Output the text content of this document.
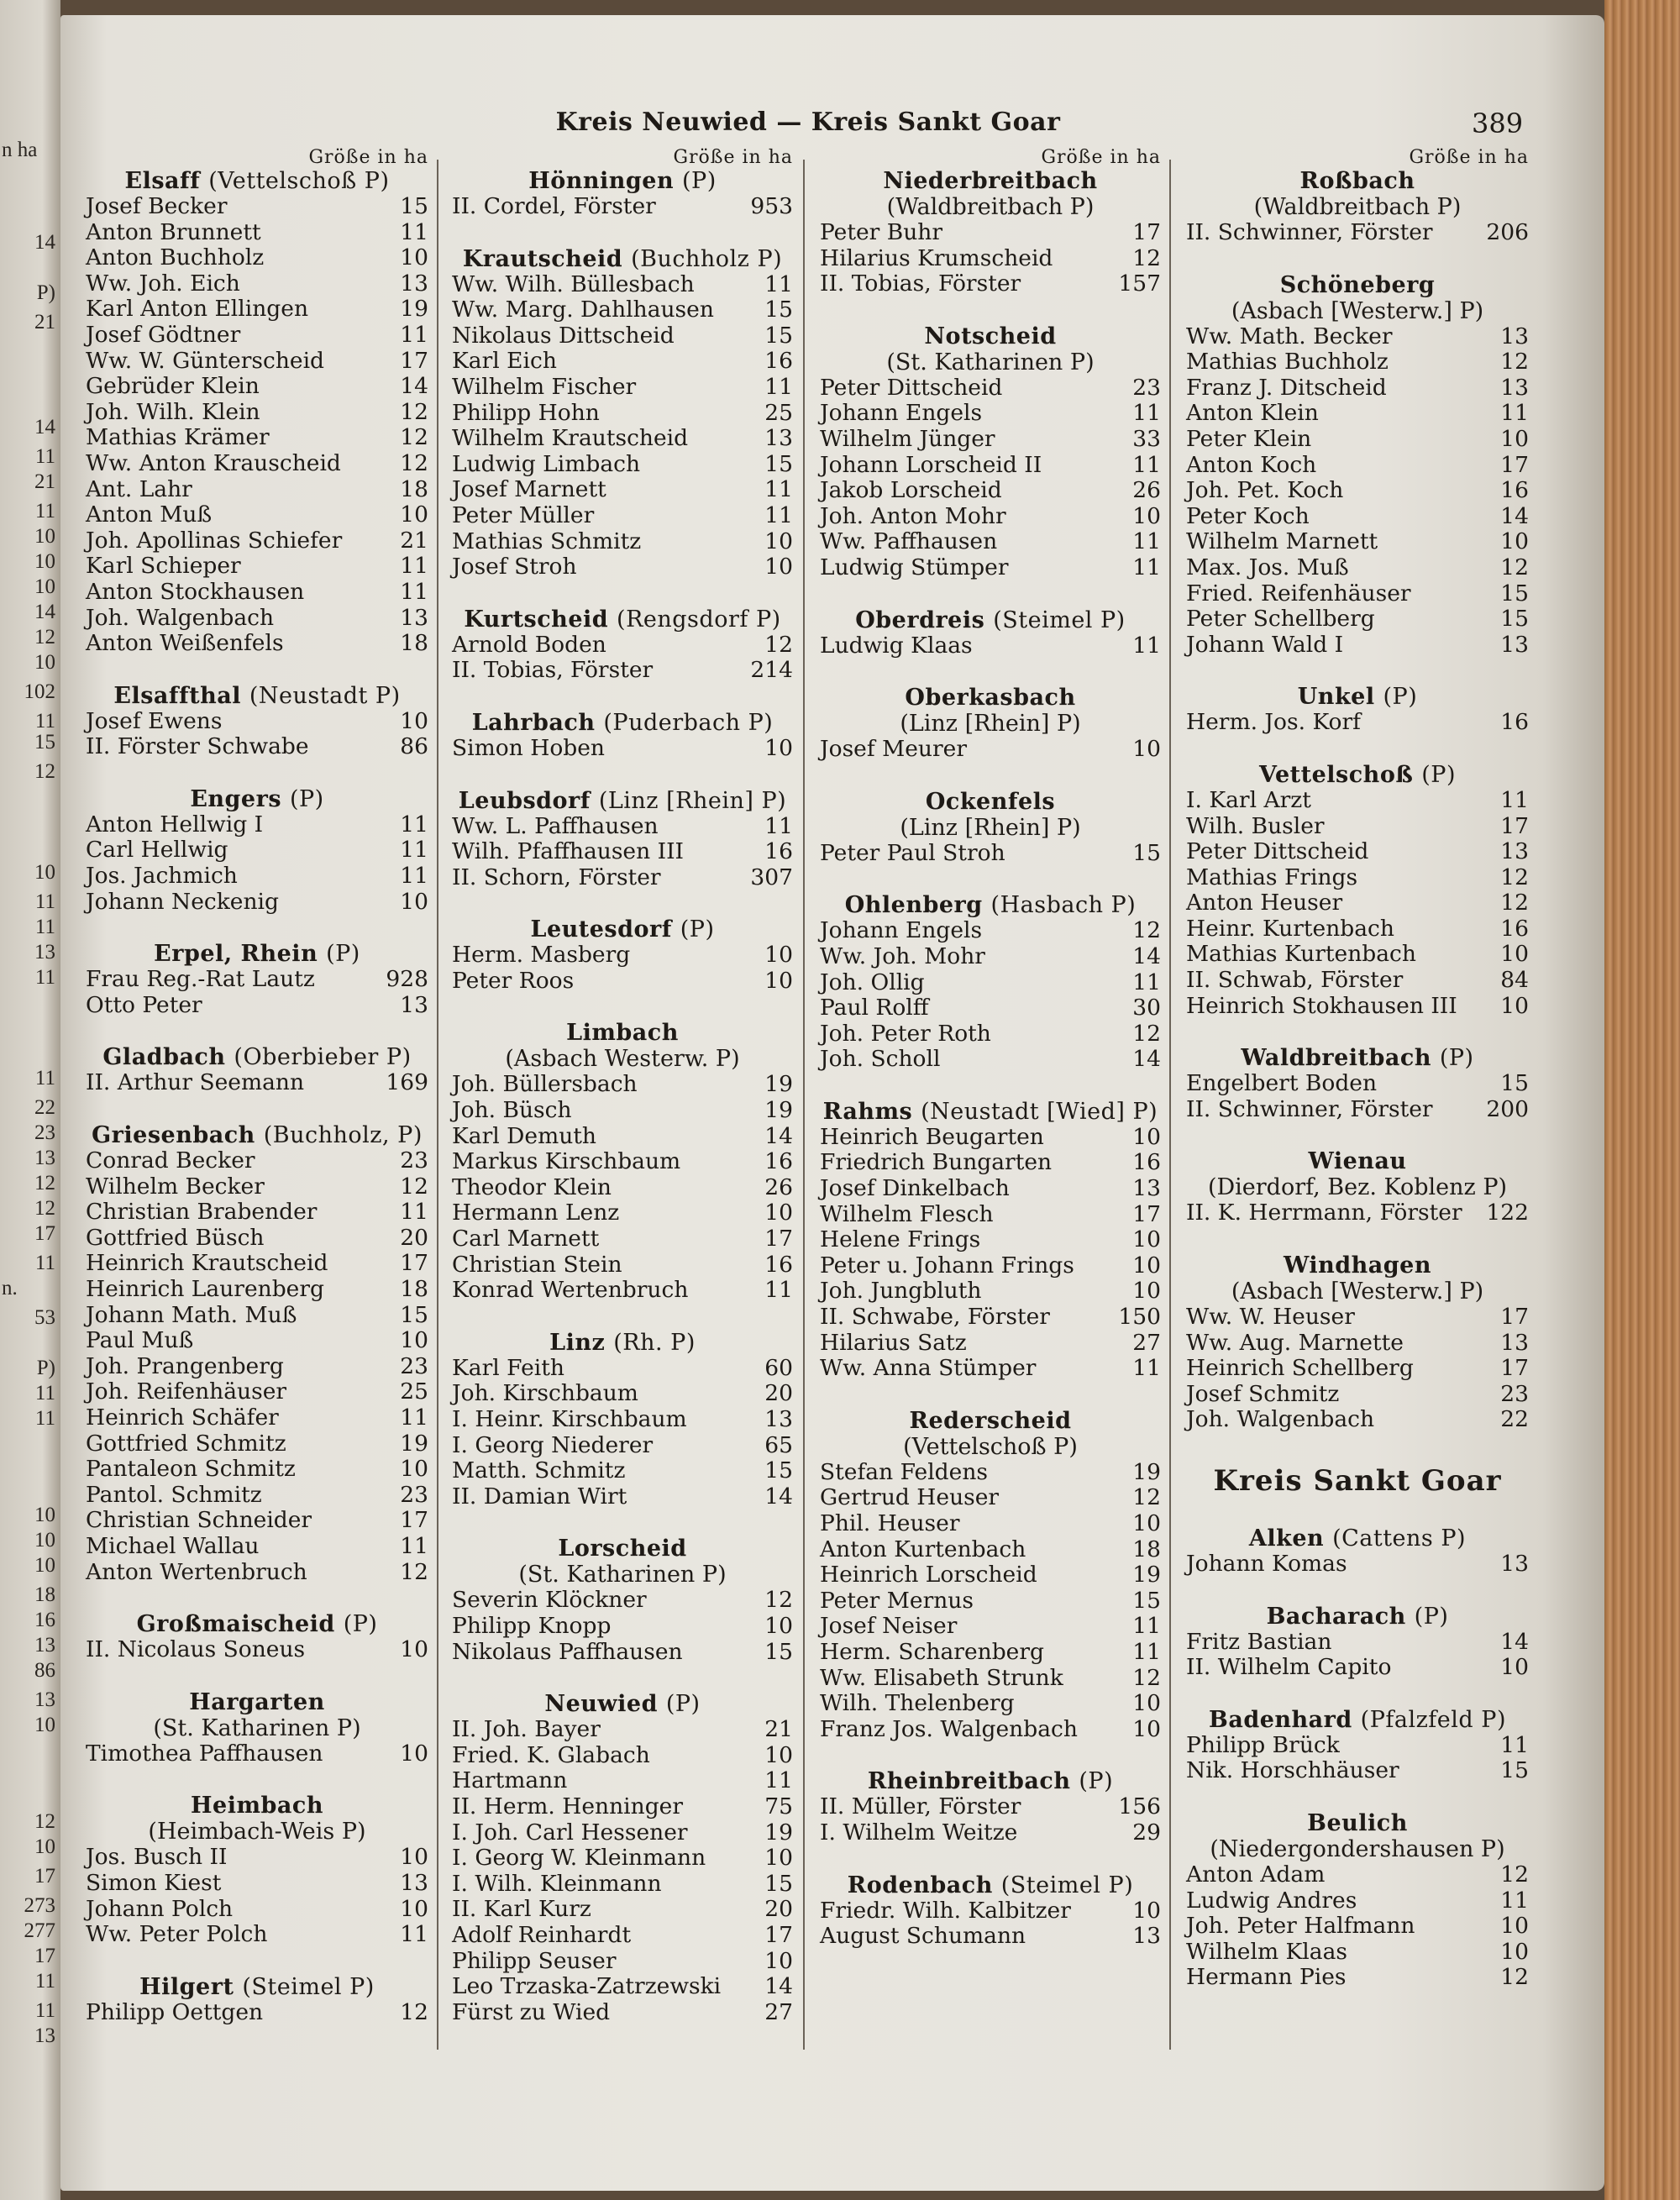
n ha
14
P)
21
14
11
21
11
10
10
10
14
12
10
102
11
15
12
10
11
11
13
11
11
22
23
13
12
12
17
11
n.
53
P)
11
11
10
10
10
18
16
13
86
13
10
12
10
17
273
277
17
11
11
13
Kreis Neuwied — Kreis Sankt Goar	389
Größe in ha
Elsaff (Vettelschoß P)
Josef Becker	15
Anton Brunnett	11
Anton Buchholz	10
Ww. Joh. Eich	13
Karl Anton Ellingen	19
Josef Gödtner	11
Ww. W. Günterscheid	17
Gebrüder Klein	14
Joh. Wilh. Klein	12
Mathias Krämer	12
Ww. Anton Krauscheid	12
Ant. Lahr	18
Anton Muß	10
Joh. Apollinas Schiefer	21
Karl Schieper	11
Anton Stockhausen	11
Joh. Walgenbach	13
Anton Weißenfels	18
Elsaffthal (Neustadt P)
Josef Ewens	10
II. Förster Schwabe	86
Engers (P)
Anton Hellwig I	11
Carl Hellwig	11
Jos. Jachmich	11
Johann Neckenig	10
Erpel, Rhein (P)
Frau Reg.-Rat Lautz	928
Otto Peter	13
Gladbach (Oberbieber P)
II. Arthur Seemann	169
Griesenbach (Buchholz, P)
Conrad Becker	23
Wilhelm Becker	12
Christian Brabender	11
Gottfried Büsch	20
Heinrich Krautscheid	17
Heinrich Laurenberg	18
Johann Math. Muß	15
Paul Muß	10
Joh. Prangenberg	23
Joh. Reifenhäuser	25
Heinrich Schäfer	11
Gottfried Schmitz	19
Pantaleon Schmitz	10
Pantol. Schmitz	23
Christian Schneider	17
Michael Wallau	11
Anton Wertenbruch	12
Großmaischeid (P)
II. Nicolaus Soneus	10
Hargarten
(St. Katharinen P)
Timothea Paffhausen	10
Heimbach
(Heimbach-Weis P)
Jos. Busch II	10
Simon Kiest	13
Johann Polch	10
Ww. Peter Polch	11
Hilgert (Steimel P)
Philipp Oettgen	12
Größe in ha
Hönningen (P)
II. Cordel, Förster	953
Krautscheid (Buchholz P)
Ww. Wilh. Büllesbach	11
Ww. Marg. Dahlhausen	15
Nikolaus Dittscheid	15
Karl Eich	16
Wilhelm Fischer	11
Philipp Hohn	25
Wilhelm Krautscheid	13
Ludwig Limbach	15
Josef Marnett	11
Peter Müller	11
Mathias Schmitz	10
Josef Stroh	10
Kurtscheid (Rengsdorf P)
Arnold Boden	12
II. Tobias, Förster	214
Lahrbach (Puderbach P)
Simon Hoben	10
Leubsdorf (Linz [Rhein] P)
Ww. L. Paffhausen	11
Wilh. Pfaffhausen III	16
II. Schorn, Förster	307
Leutesdorf (P)
Herm. Masberg	10
Peter Roos	10
Limbach
(Asbach Westerw. P)
Joh. Büllersbach	19
Joh. Büsch	19
Karl Demuth	14
Markus Kirschbaum	16
Theodor Klein	26
Hermann Lenz	10
Carl Marnett	17
Christian Stein	16
Konrad Wertenbruch	11
Linz (Rh. P)
Karl Feith	60
Joh. Kirschbaum	20
I. Heinr. Kirschbaum	13
I. Georg Niederer	65
Matth. Schmitz	15
II. Damian Wirt	14
Lorscheid
(St. Katharinen P)
Severin Klöckner	12
Philipp Knopp	10
Nikolaus Paffhausen	15
Neuwied (P)
II. Joh. Bayer	21
Fried. K. Glabach	10
Hartmann	11
II. Herm. Henninger	75
I. Joh. Carl Hessener	19
I. Georg W. Kleinmann	10
I. Wilh. Kleinmann	15
II. Karl Kurz	20
Adolf Reinhardt	17
Philipp Seuser	10
Leo Trzaska-Zatrzewski	14
Fürst zu Wied	27
Größe in ha
Niederbreitbach
(Waldbreitbach P)
Peter Buhr	17
Hilarius Krumscheid	12
II. Tobias, Förster	157
Notscheid
(St. Katharinen P)
Peter Dittscheid	23
Johann Engels	11
Wilhelm Jünger	33
Johann Lorscheid II	11
Jakob Lorscheid	26
Joh. Anton Mohr	10
Ww. Paffhausen	11
Ludwig Stümper	11
Oberdreis (Steimel P)
Ludwig Klaas	11
Oberkasbach
(Linz [Rhein] P)
Josef Meurer	10
Ockenfels
(Linz [Rhein] P)
Peter Paul Stroh	15
Ohlenberg (Hasbach P)
Johann Engels	12
Ww. Joh. Mohr	14
Joh. Ollig	11
Paul Rolff	30
Joh. Peter Roth	12
Joh. Scholl	14
Rahms (Neustadt [Wied] P)
Heinrich Beugarten	10
Friedrich Bungarten	16
Josef Dinkelbach	13
Wilhelm Flesch	17
Helene Frings	10
Peter u. Johann Frings	10
Joh. Jungbluth	10
II. Schwabe, Förster	150
Hilarius Satz	27
Ww. Anna Stümper	11
Rederscheid
(Vettelschoß P)
Stefan Feldens	19
Gertrud Heuser	12
Phil. Heuser	10
Anton Kurtenbach	18
Heinrich Lorscheid	19
Peter Mernus	15
Josef Neiser	11
Herm. Scharenberg	11
Ww. Elisabeth Strunk	12
Wilh. Thelenberg	10
Franz Jos. Walgenbach	10
Rheinbreitbach (P)
II. Müller, Förster	156
I. Wilhelm Weitze	29
Rodenbach (Steimel P)
Friedr. Wilh. Kalbitzer	10
August Schumann	13
Größe in ha
Roßbach
(Waldbreitbach P)
II. Schwinner, Förster	206
Schöneberg
(Asbach [Westerw.] P)
Ww. Math. Becker	13
Mathias Buchholz	12
Franz J. Ditscheid	13
Anton Klein	11
Peter Klein	10
Anton Koch	17
Joh. Pet. Koch	16
Peter Koch	14
Wilhelm Marnett	10
Max. Jos. Muß	12
Fried. Reifenhäuser	15
Peter Schellberg	15
Johann Wald I	13
Unkel (P)
Herm. Jos. Korf	16
Vettelschoß (P)
I. Karl Arzt	11
Wilh. Busler	17
Peter Dittscheid	13
Mathias Frings	12
Anton Heuser	12
Heinr. Kurtenbach	16
Mathias Kurtenbach	10
II. Schwab, Förster	84
Heinrich Stokhausen III	10
Waldbreitbach (P)
Engelbert Boden	15
II. Schwinner, Förster	200
Wienau
(Dierdorf, Bez. Koblenz P)
II. K. Herrmann, Förster	122
Windhagen
(Asbach [Westerw.] P)
Ww. W. Heuser	17
Ww. Aug. Marnette	13
Heinrich Schellberg	17
Josef Schmitz	23
Joh. Walgenbach	22
Kreis Sankt Goar
Alken (Cattens P)
Johann Komas	13
Bacharach (P)
Fritz Bastian	14
II. Wilhelm Capito	10
Badenhard (Pfalzfeld P)
Philipp Brück	11
Nik. Horschhäuser	15
Beulich
(Niedergondershausen P)
Anton Adam	12
Ludwig Andres	11
Joh. Peter Halfmann	10
Wilhelm Klaas	10
Hermann Pies	12
